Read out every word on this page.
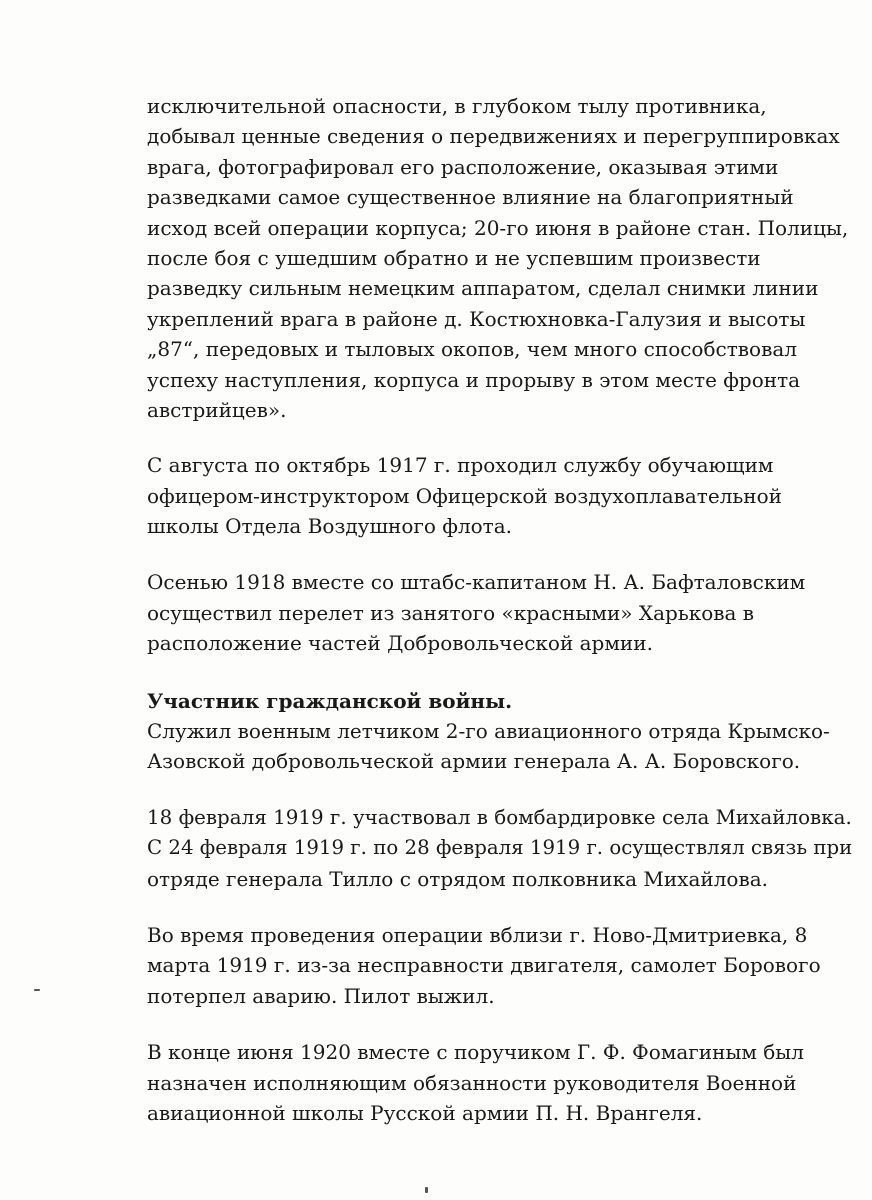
исключительной опасности, в глубоком тылу противника,
добывал ценные сведения о передвижениях и перегруппировках
врага, фотографировал его расположение, оказывая этими
разведками самое существенное влияние на благоприятный
исход всей операции корпуса; 20-го июня в районе стан. Полицы,
после боя с ушедшим обратно и не успевшим произвести
разведку сильным немецким аппаратом, сделал снимки линии
укреплений врага в районе д. Костюхновка-Галузия и высоты
„87“, передовых и тыловых окопов, чем много способствовал
успеху наступления, корпуса и прорыву в этом месте фронта
австрийцев».
С августа по октябрь 1917 г. проходил службу обучающим
офицером-инструктором Офицерской воздухоплавательной
школы Отдела Воздушного флота.
Осенью 1918 вместе со штабс-капитаном Н. А. Бафталовским
осуществил перелет из занятого «красными» Харькова в
расположение частей Добровольческой армии.
Участник гражданской войны.
Служил военным летчиком 2-го авиационного отряда Крымско-
Азовской добровольческой армии генерала А. А. Боровского.
18 февраля 1919 г. участвовал в бомбардировке села Михайловка.
С 24 февраля 1919 г. по 28 февраля 1919 г. осуществлял связь при
отряде генерала Тилло с отрядом полковника Михайлова.
Во время проведения операции вблизи г. Ново-Дмитриевка, 8
марта 1919 г. из-за несправности двигателя, самолет Борового
потерпел аварию. Пилот выжил.
В конце июня 1920 вместе с поручиком Г. Ф. Фомагиным был
назначен исполняющим обязанности руководителя Военной
авиационной школы Русской армии П. Н. Врангеля.
